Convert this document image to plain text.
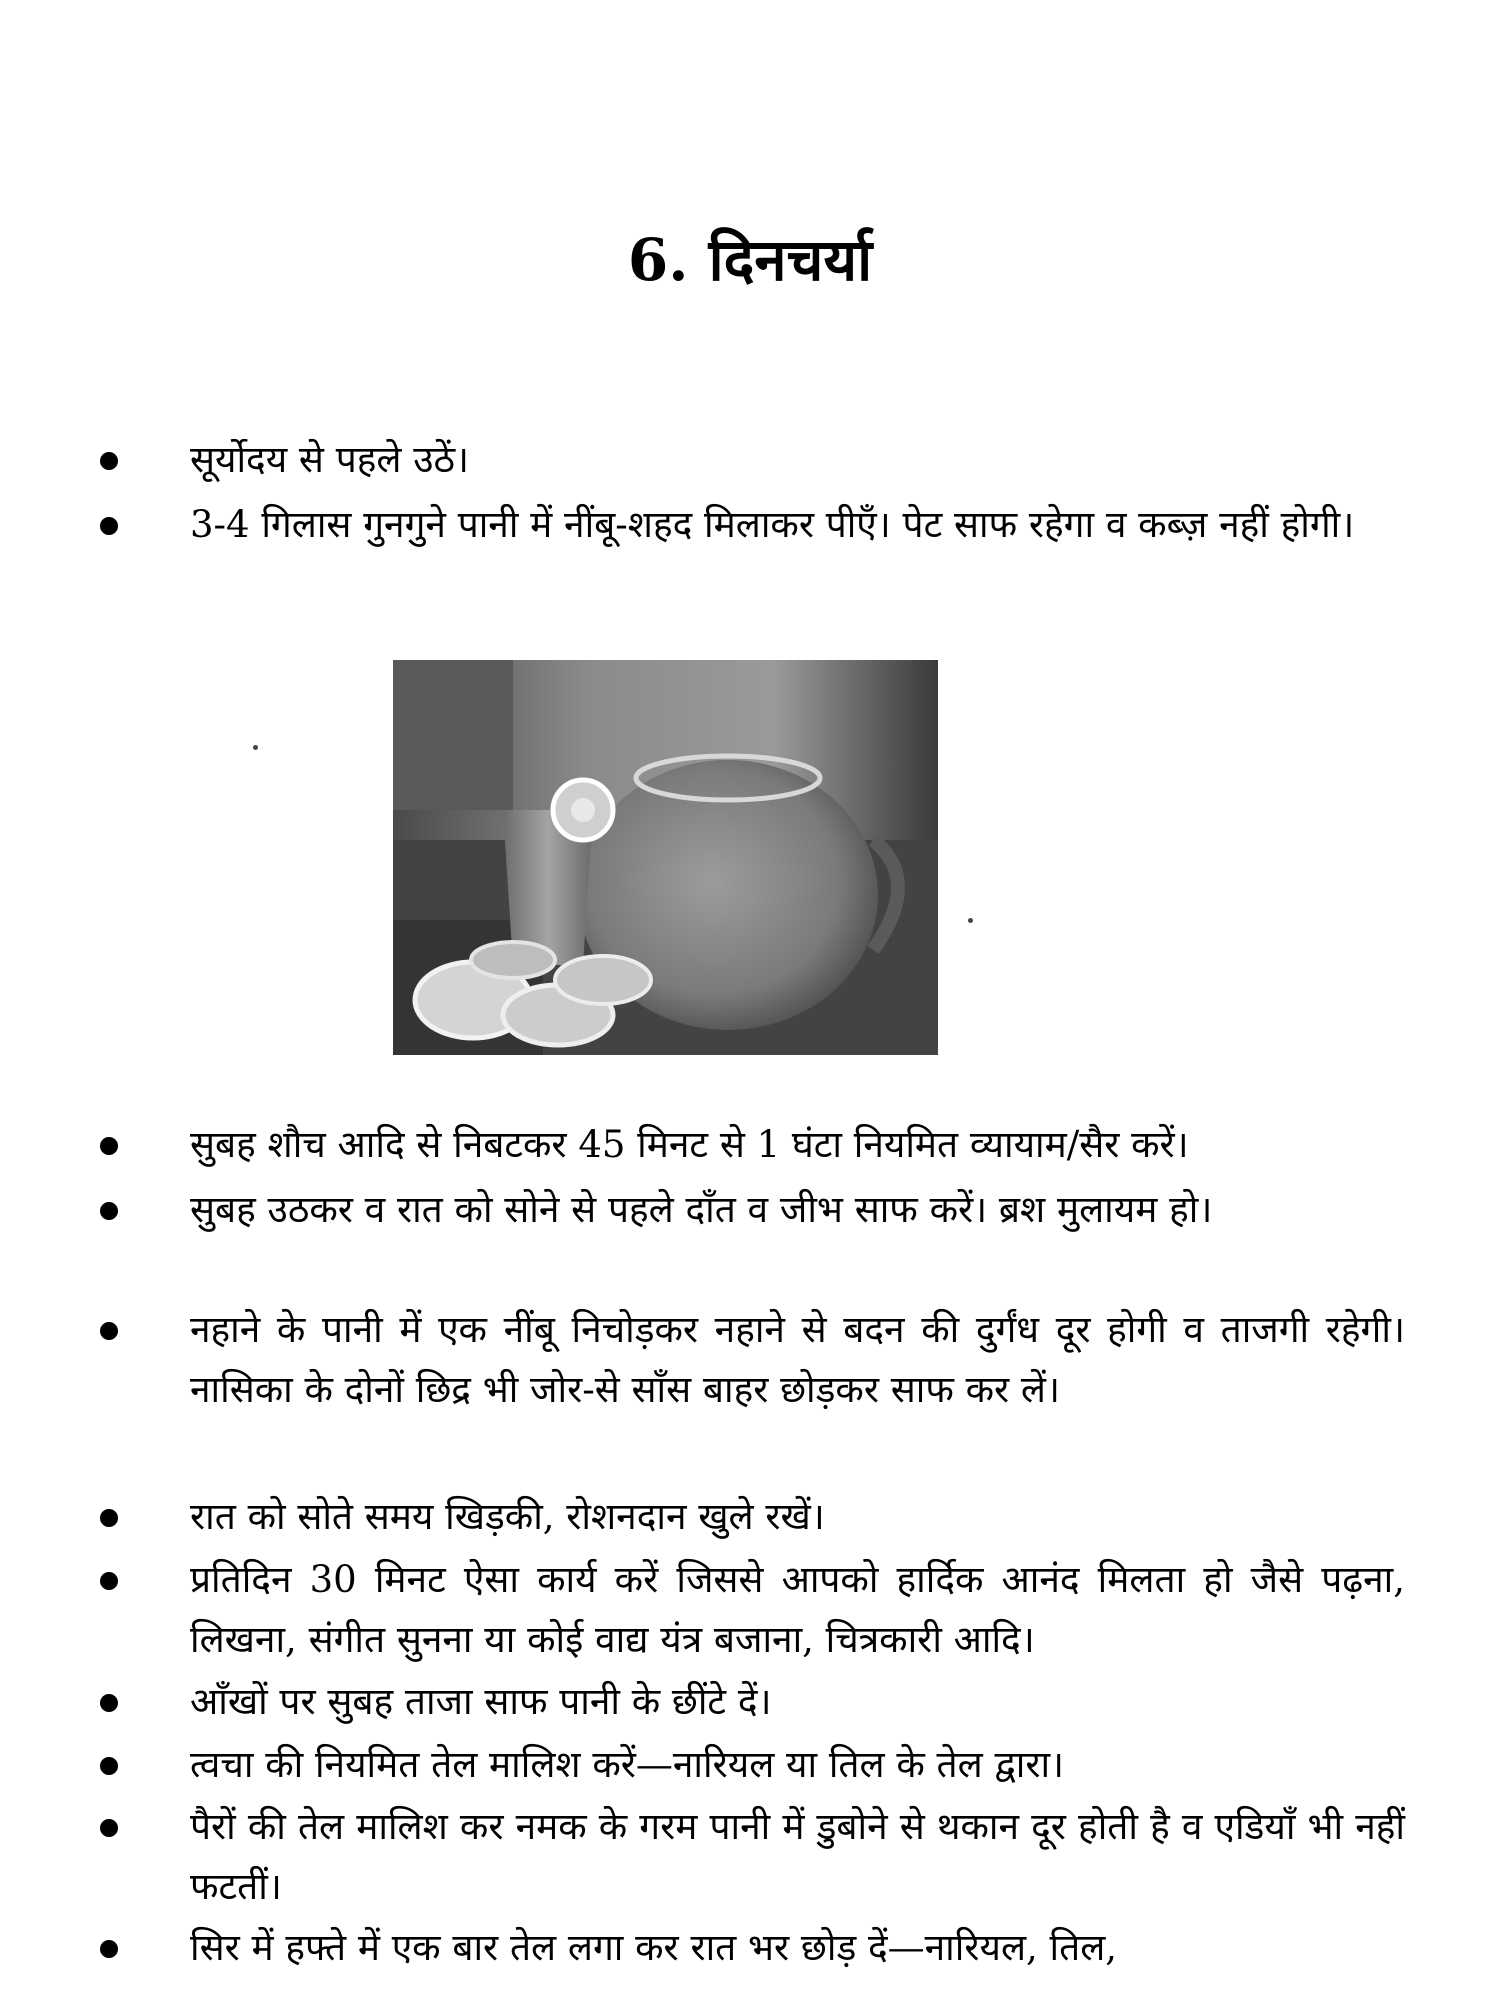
6. दिनचर्या
सूर्योदय से पहले उठें।
3-4 गिलास गुनगुने पानी में नींबू-शहद मिलाकर पीएँ। पेट साफ रहेगा व कब्ज़ नहीं होगी।
सुबह शौच आदि से निबटकर 45 मिनट से 1 घंटा नियमित व्यायाम/सैर करें।
सुबह उठकर व रात को सोने से पहले दाँत व जीभ साफ करें। ब्रश मुलायम हो।
नहाने के पानी में एक नींबू निचोड़कर नहाने से बदन की दुर्गंध दूर होगी व ताजगी रहेगी। नासिका के दोनों छिद्र भी जोर-से साँस बाहर छोड़कर साफ कर लें।
रात को सोते समय खिड़की, रोशनदान खुले रखें।
प्रतिदिन 30 मिनट ऐसा कार्य करें जिससे आपको हार्दिक आनंद मिलता हो जैसे पढ़ना, लिखना, संगीत सुनना या कोई वाद्य यंत्र बजाना, चित्रकारी आदि।
आँखों पर सुबह ताजा साफ पानी के छींटे दें।
त्वचा की नियमित तेल मालिश करें—नारियल या तिल के तेल द्वारा।
पैरों की तेल मालिश कर नमक के गरम पानी में डुबोने से थकान दूर होती है व एडियाँ भी नहीं फटतीं।
सिर में हफ्ते में एक बार तेल लगा कर रात भर छोड़ दें—नारियल, तिल,
